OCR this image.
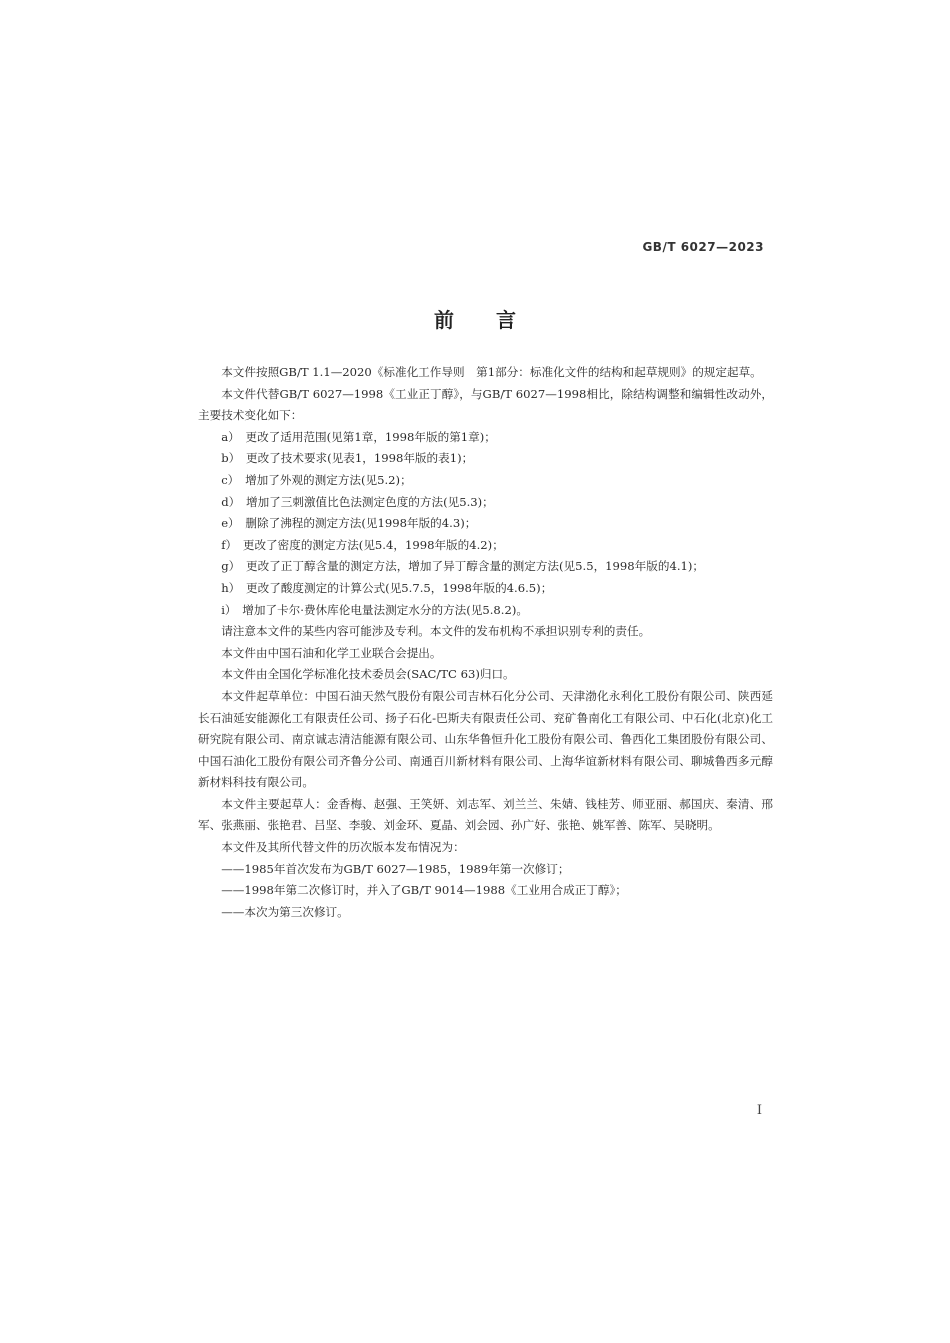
GB/T 6027—2023
前言

本文件按照GB/T 1.1—2020《标准化工作导则　第1部分：标准化文件的结构和起草规则》的规定起草。

本文件代替GB/T 6027—1998《工业正丁醇》，与GB/T 6027—1998相比，除结构调整和编辑性改动外，主要技术变化如下：

a）　更改了适用范围(见第1章，1998年版的第1章)；

b）　更改了技术要求(见表1，1998年版的表1)；

c）　增加了外观的测定方法(见5.2)；

d）　增加了三刺激值比色法测定色度的方法(见5.3)；

e）　删除了沸程的测定方法(见1998年版的4.3)；

f）　更改了密度的测定方法(见5.4，1998年版的4.2)；

g）　更改了正丁醇含量的测定方法，增加了异丁醇含量的测定方法(见5.5，1998年版的4.1)；

h）　更改了酸度测定的计算公式(见5.7.5，1998年版的4.6.5)；

i）　增加了卡尔·费休库伦电量法测定水分的方法(见5.8.2)。

请注意本文件的某些内容可能涉及专利。本文件的发布机构不承担识别专利的责任。

本文件由中国石油和化学工业联合会提出。

本文件由全国化学标准化技术委员会(SAC/TC 63)归口。

本文件起草单位：中国石油天然气股份有限公司吉林石化分公司、天津渤化永利化工股份有限公司、陕西延长石油延安能源化工有限责任公司、扬子石化-巴斯夫有限责任公司、兖矿鲁南化工有限公司、中石化(北京)化工研究院有限公司、南京诚志清洁能源有限公司、山东华鲁恒升化工股份有限公司、鲁西化工集团股份有限公司、中国石油化工股份有限公司齐鲁分公司、南通百川新材料有限公司、上海华谊新材料有限公司、聊城鲁西多元醇新材料科技有限公司。

本文件主要起草人：金香梅、赵强、王笑妍、刘志军、刘兰兰、朱婧、钱桂芳、师亚丽、郝国庆、秦清、邢军、张燕丽、张艳君、吕坚、李骏、刘金环、夏晶、刘会园、孙广好、张艳、姚军善、陈军、吴晓明。

本文件及其所代替文件的历次版本发布情况为：

——1985年首次发布为GB/T 6027—1985，1989年第一次修订；

——1998年第二次修订时，并入了GB/T 9014—1988《工业用合成正丁醇》；

——本次为第三次修订。

I
